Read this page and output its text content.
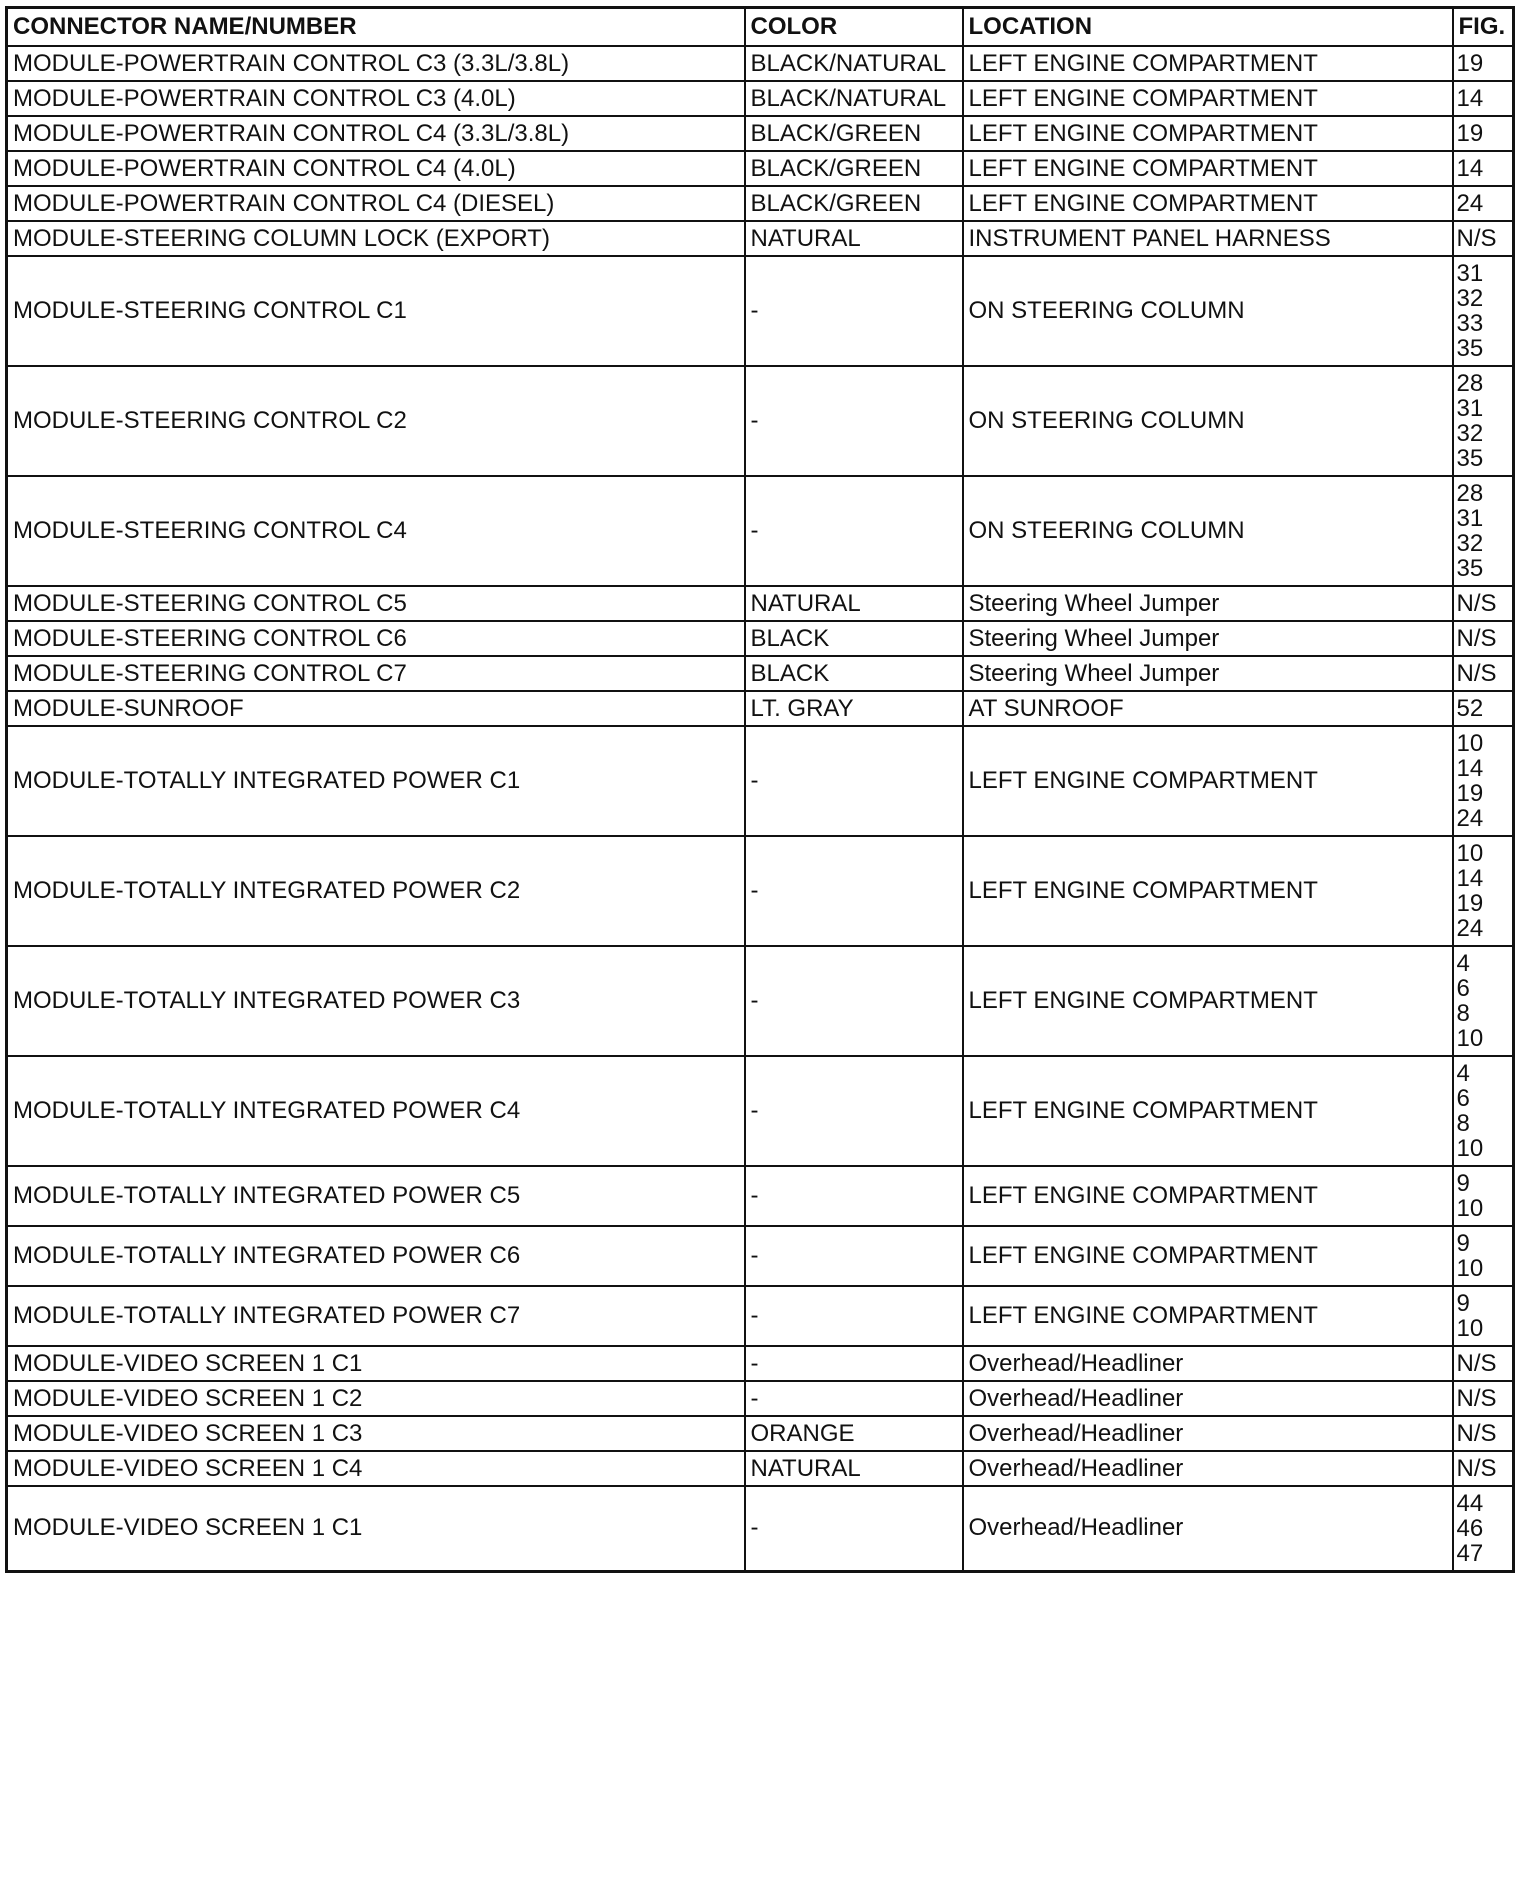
CONNECTOR NAME/NUMBER	COLOR	LOCATION	FIG.
MODULE-POWERTRAIN CONTROL C3 (3.3L/3.8L)	BLACK/NATURAL	LEFT ENGINE COMPARTMENT	19

MODULE-POWERTRAIN CONTROL C3 (4.0L)	BLACK/NATURAL	LEFT ENGINE COMPARTMENT	14

MODULE-POWERTRAIN CONTROL C4 (3.3L/3.8L)	BLACK/GREEN	LEFT ENGINE COMPARTMENT	19

MODULE-POWERTRAIN CONTROL C4 (4.0L)	BLACK/GREEN	LEFT ENGINE COMPARTMENT	14

MODULE-POWERTRAIN CONTROL C4 (DIESEL)	BLACK/GREEN	LEFT ENGINE COMPARTMENT	24

MODULE-STEERING COLUMN LOCK (EXPORT)	NATURAL	INSTRUMENT PANEL HARNESS	N/S

MODULE-STEERING CONTROL C1	-	ON STEERING COLUMN	31
32
33
35

MODULE-STEERING CONTROL C2	-	ON STEERING COLUMN	28
31
32
35

MODULE-STEERING CONTROL C4	-	ON STEERING COLUMN	28
31
32
35

MODULE-STEERING CONTROL C5	NATURAL	Steering Wheel Jumper	N/S

MODULE-STEERING CONTROL C6	BLACK	Steering Wheel Jumper	N/S

MODULE-STEERING CONTROL C7	BLACK	Steering Wheel Jumper	N/S

MODULE-SUNROOF	LT. GRAY	AT SUNROOF	52

MODULE-TOTALLY INTEGRATED POWER C1	-	LEFT ENGINE COMPARTMENT	10
14
19
24

MODULE-TOTALLY INTEGRATED POWER C2	-	LEFT ENGINE COMPARTMENT	10
14
19
24

MODULE-TOTALLY INTEGRATED POWER C3	-	LEFT ENGINE COMPARTMENT	4
6
8
10

MODULE-TOTALLY INTEGRATED POWER C4	-	LEFT ENGINE COMPARTMENT	4
6
8
10

MODULE-TOTALLY INTEGRATED POWER C5	-	LEFT ENGINE COMPARTMENT	9
10

MODULE-TOTALLY INTEGRATED POWER C6	-	LEFT ENGINE COMPARTMENT	9
10

MODULE-TOTALLY INTEGRATED POWER C7	-	LEFT ENGINE COMPARTMENT	9
10

MODULE-VIDEO SCREEN 1 C1	-	Overhead/Headliner	N/S

MODULE-VIDEO SCREEN 1 C2	-	Overhead/Headliner	N/S

MODULE-VIDEO SCREEN 1 C3	ORANGE	Overhead/Headliner	N/S

MODULE-VIDEO SCREEN 1 C4	NATURAL	Overhead/Headliner	N/S

MODULE-VIDEO SCREEN 1 C1	-	Overhead/Headliner	44
46
47
